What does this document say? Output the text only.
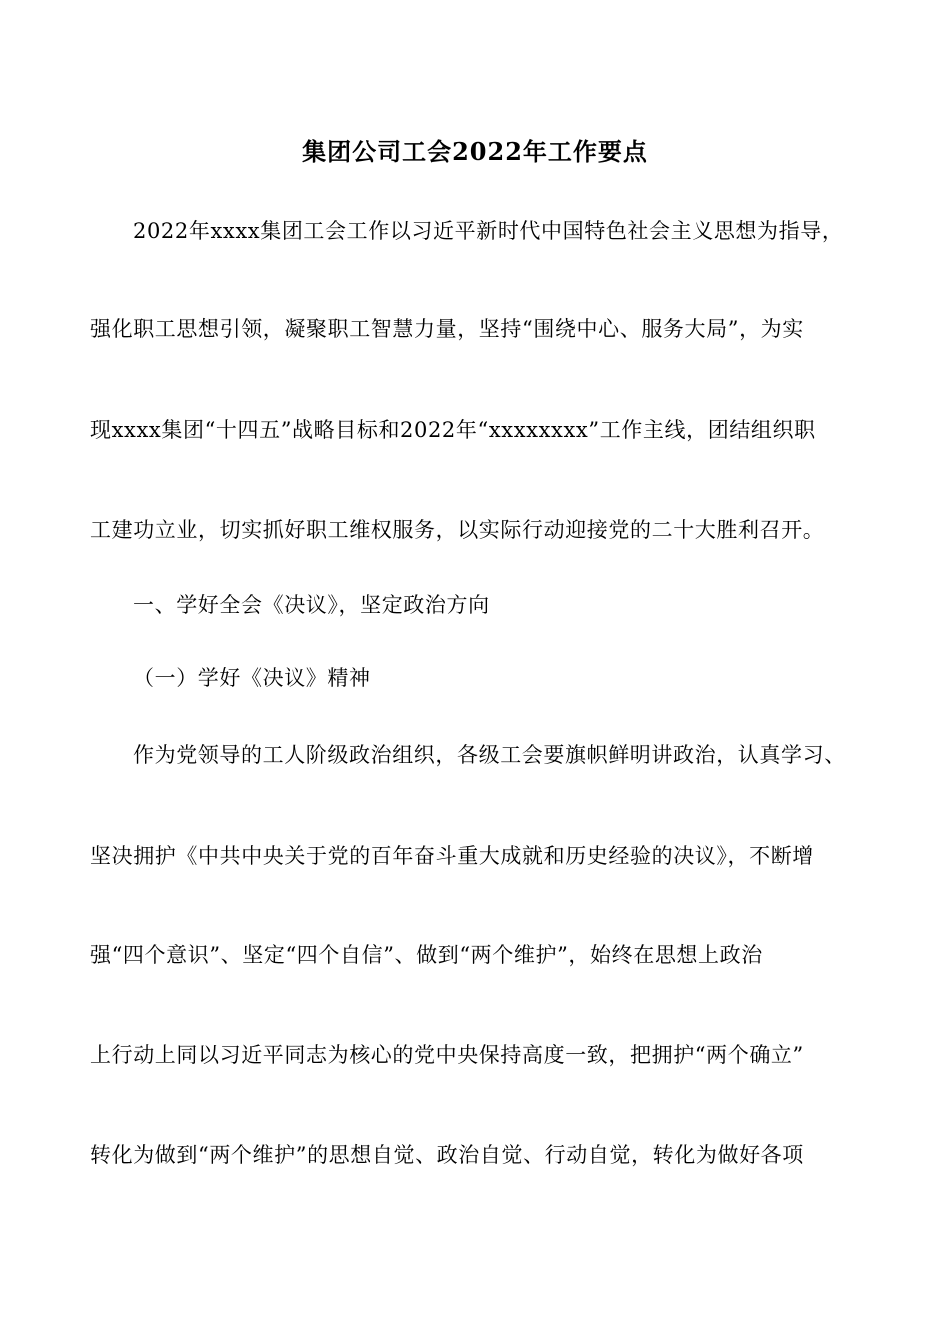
集团公司工会2022年工作要点
2022年xxxx集团工会工作以习近平新时代中国特色社会主义思想为指导，
强化职工思想引领，凝聚职工智慧力量，坚持“围绕中心、服务大局”，为实
现xxxx集团“十四五”战略目标和2022年“xxxxxxxx”工作主线，团结组织职
工建功立业，切实抓好职工维权服务，以实际行动迎接党的二十大胜利召开。
一、学好全会《决议》，坚定政治方向
（一）学好《决议》精神
作为党领导的工人阶级政治组织，各级工会要旗帜鲜明讲政治，认真学习、
坚决拥护《中共中央关于党的百年奋斗重大成就和历史经验的决议》，不断增
强“四个意识”、坚定“四个自信”、做到“两个维护”，始终在思想上政治
上行动上同以习近平同志为核心的党中央保持高度一致，把拥护“两个确立”
转化为做到“两个维护”的思想自觉、政治自觉、行动自觉，转化为做好各项
